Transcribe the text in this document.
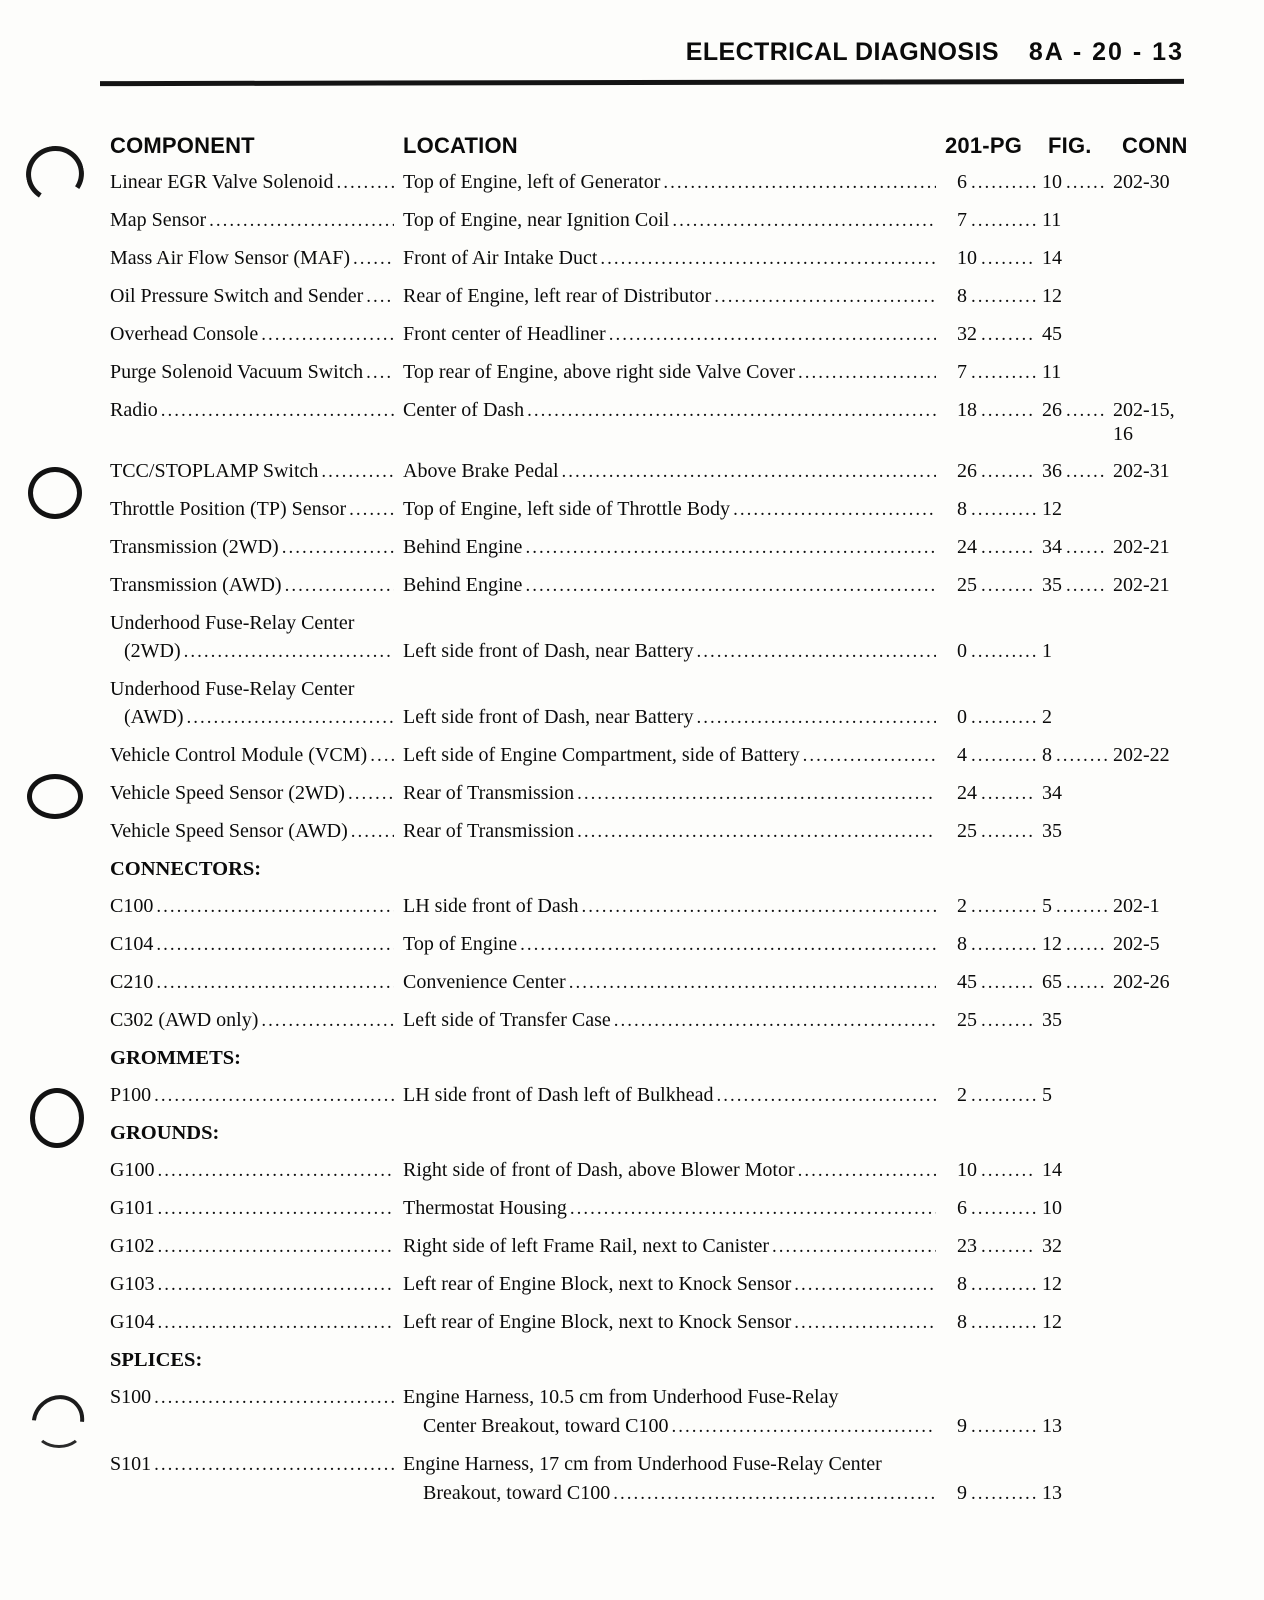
ELECTRICAL DIAGNOSIS 8A - 20 - 13
COMPONENT	LOCATION	201-PG	FIG.	CONN
Linear EGR Valve Solenoid .....	Top of Engine, left of Generator .....	6 .....	10 .....	202-30
Map Sensor .....	Top of Engine, near Ignition Coil .....	7 .....	11
Mass Air Flow Sensor (MAF) .....	Front of Air Intake Duct .....	10 .....	14
Oil Pressure Switch and Sender ..... Rear of Engine, left rear of Distributor .....	8 .....	12
Overhead Console .....	Front center of Headliner .....	32 .....	45
Purge Solenoid Vacuum Switch ..... Top rear of Engine, above right side Valve Cover .....	7 .....	11
Radio .....	Center of Dash .....	18 .....	26 .....	202-15,
16
TCC/STOPLAMP Switch .....	Above Brake Pedal .....	26 .....	36 .....	202-31
Throttle Position (TP) Sensor .....	Top of Engine, left side of Throttle Body .....	8 .....	12
Transmission (2WD) .....	Behind Engine .....	24 .....	34 .....	202-21
Transmission (AWD) .....	Behind Engine .....	25 .....	35 .....	202-21
Underhood Fuse-Relay Center
(2WD) .....	Left side front of Dash, near Battery .....	0 .....	1
Underhood Fuse-Relay Center
(AWD) .....	Left side front of Dash, near Battery .....	0 .....	2
Vehicle Control Module (VCM) ..... Left side of Engine Compartment, side of Battery .....	4 .....	8 .....	202-22
Vehicle Speed Sensor (2WD) .....	Rear of Transmission .....	24 .....	34
Vehicle Speed Sensor (AWD) .....	Rear of Transmission .....	25 .....	35
CONNECTORS:
C100 .....	LH side front of Dash .....	2 .....	5 .....	202-1
C104 .....	Top of Engine .....	8 .....	12 .....	202-5
C210 .....	Convenience Center .....	45 .....	65 .....	202-26
C302 (AWD only) .....	Left side of Transfer Case .....	25 .....	35
GROMMETS:
P100 .....	LH side front of Dash left of Bulkhead .....	2 .....	5
GROUNDS:
G100 .....	Right side of front of Dash, above Blower Motor .....	10 .....	14
G101 .....	Thermostat Housing .....	6 .....	10
G102 .....	Right side of left Frame Rail, next to Canister .....	23 .....	32
G103 .....	Left rear of Engine Block, next to Knock Sensor .....	8 .....	12
G104 .....	Left rear of Engine Block, next to Knock Sensor .....	8 .....	12
SPLICES:
S100 .....	Engine Harness, 10.5 cm from Underhood Fuse-Relay
Center Breakout, toward C100 .....	9 .....	13
S101 .....	Engine Harness, 17 cm from Underhood Fuse-Relay Center
Breakout, toward C100 .....	9 .....	13
